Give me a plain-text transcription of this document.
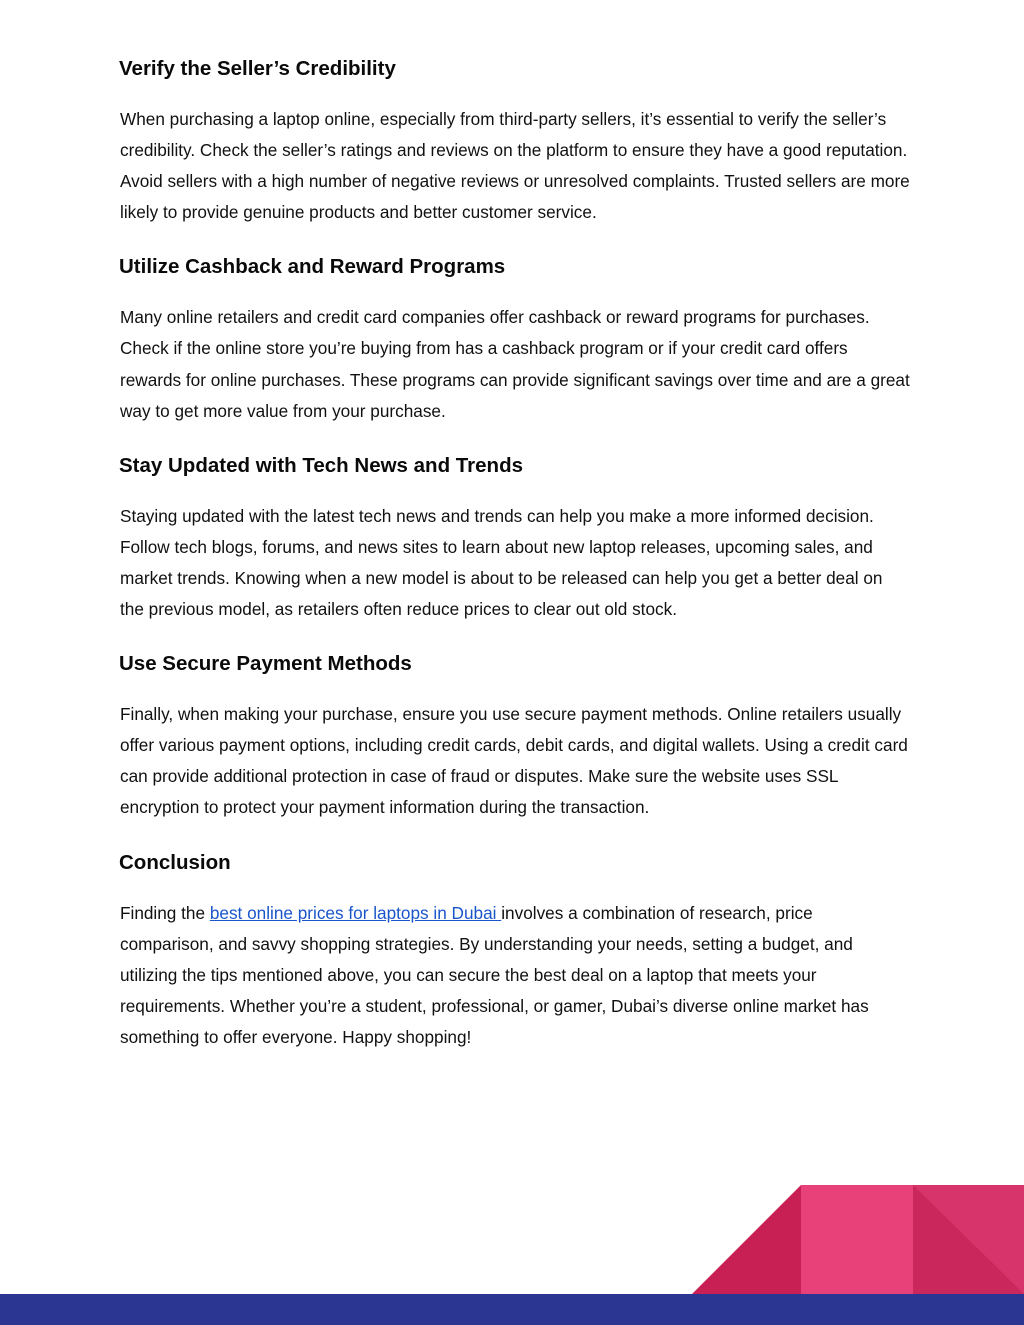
Verify the Seller’s Credibility

When purchasing a laptop online, especially from third-party sellers, it’s essential to verify the seller’s credibility. Check the seller’s ratings and reviews on the platform to ensure they have a good reputation. Avoid sellers with a high number of negative reviews or unresolved complaints. Trusted sellers are more likely to provide genuine products and better customer service.

Utilize Cashback and Reward Programs

Many online retailers and credit card companies offer cashback or reward programs for purchases. Check if the online store you’re buying from has a cashback program or if your credit card offers rewards for online purchases. These programs can provide significant savings over time and are a great way to get more value from your purchase.

Stay Updated with Tech News and Trends

Staying updated with the latest tech news and trends can help you make a more informed decision. Follow tech blogs, forums, and news sites to learn about new laptop releases, upcoming sales, and market trends. Knowing when a new model is about to be released can help you get a better deal on the previous model, as retailers often reduce prices to clear out old stock.

Use Secure Payment Methods

Finally, when making your purchase, ensure you use secure payment methods. Online retailers usually offer various payment options, including credit cards, debit cards, and digital wallets. Using a credit card can provide additional protection in case of fraud or disputes. Make sure the website uses SSL encryption to protect your payment information during the transaction.

Conclusion

Finding the best online prices for laptops in Dubai involves a combination of research, price comparison, and savvy shopping strategies. By understanding your needs, setting a budget, and utilizing the tips mentioned above, you can secure the best deal on a laptop that meets your requirements. Whether you’re a student, professional, or gamer, Dubai’s diverse online market has something to offer everyone. Happy shopping!
